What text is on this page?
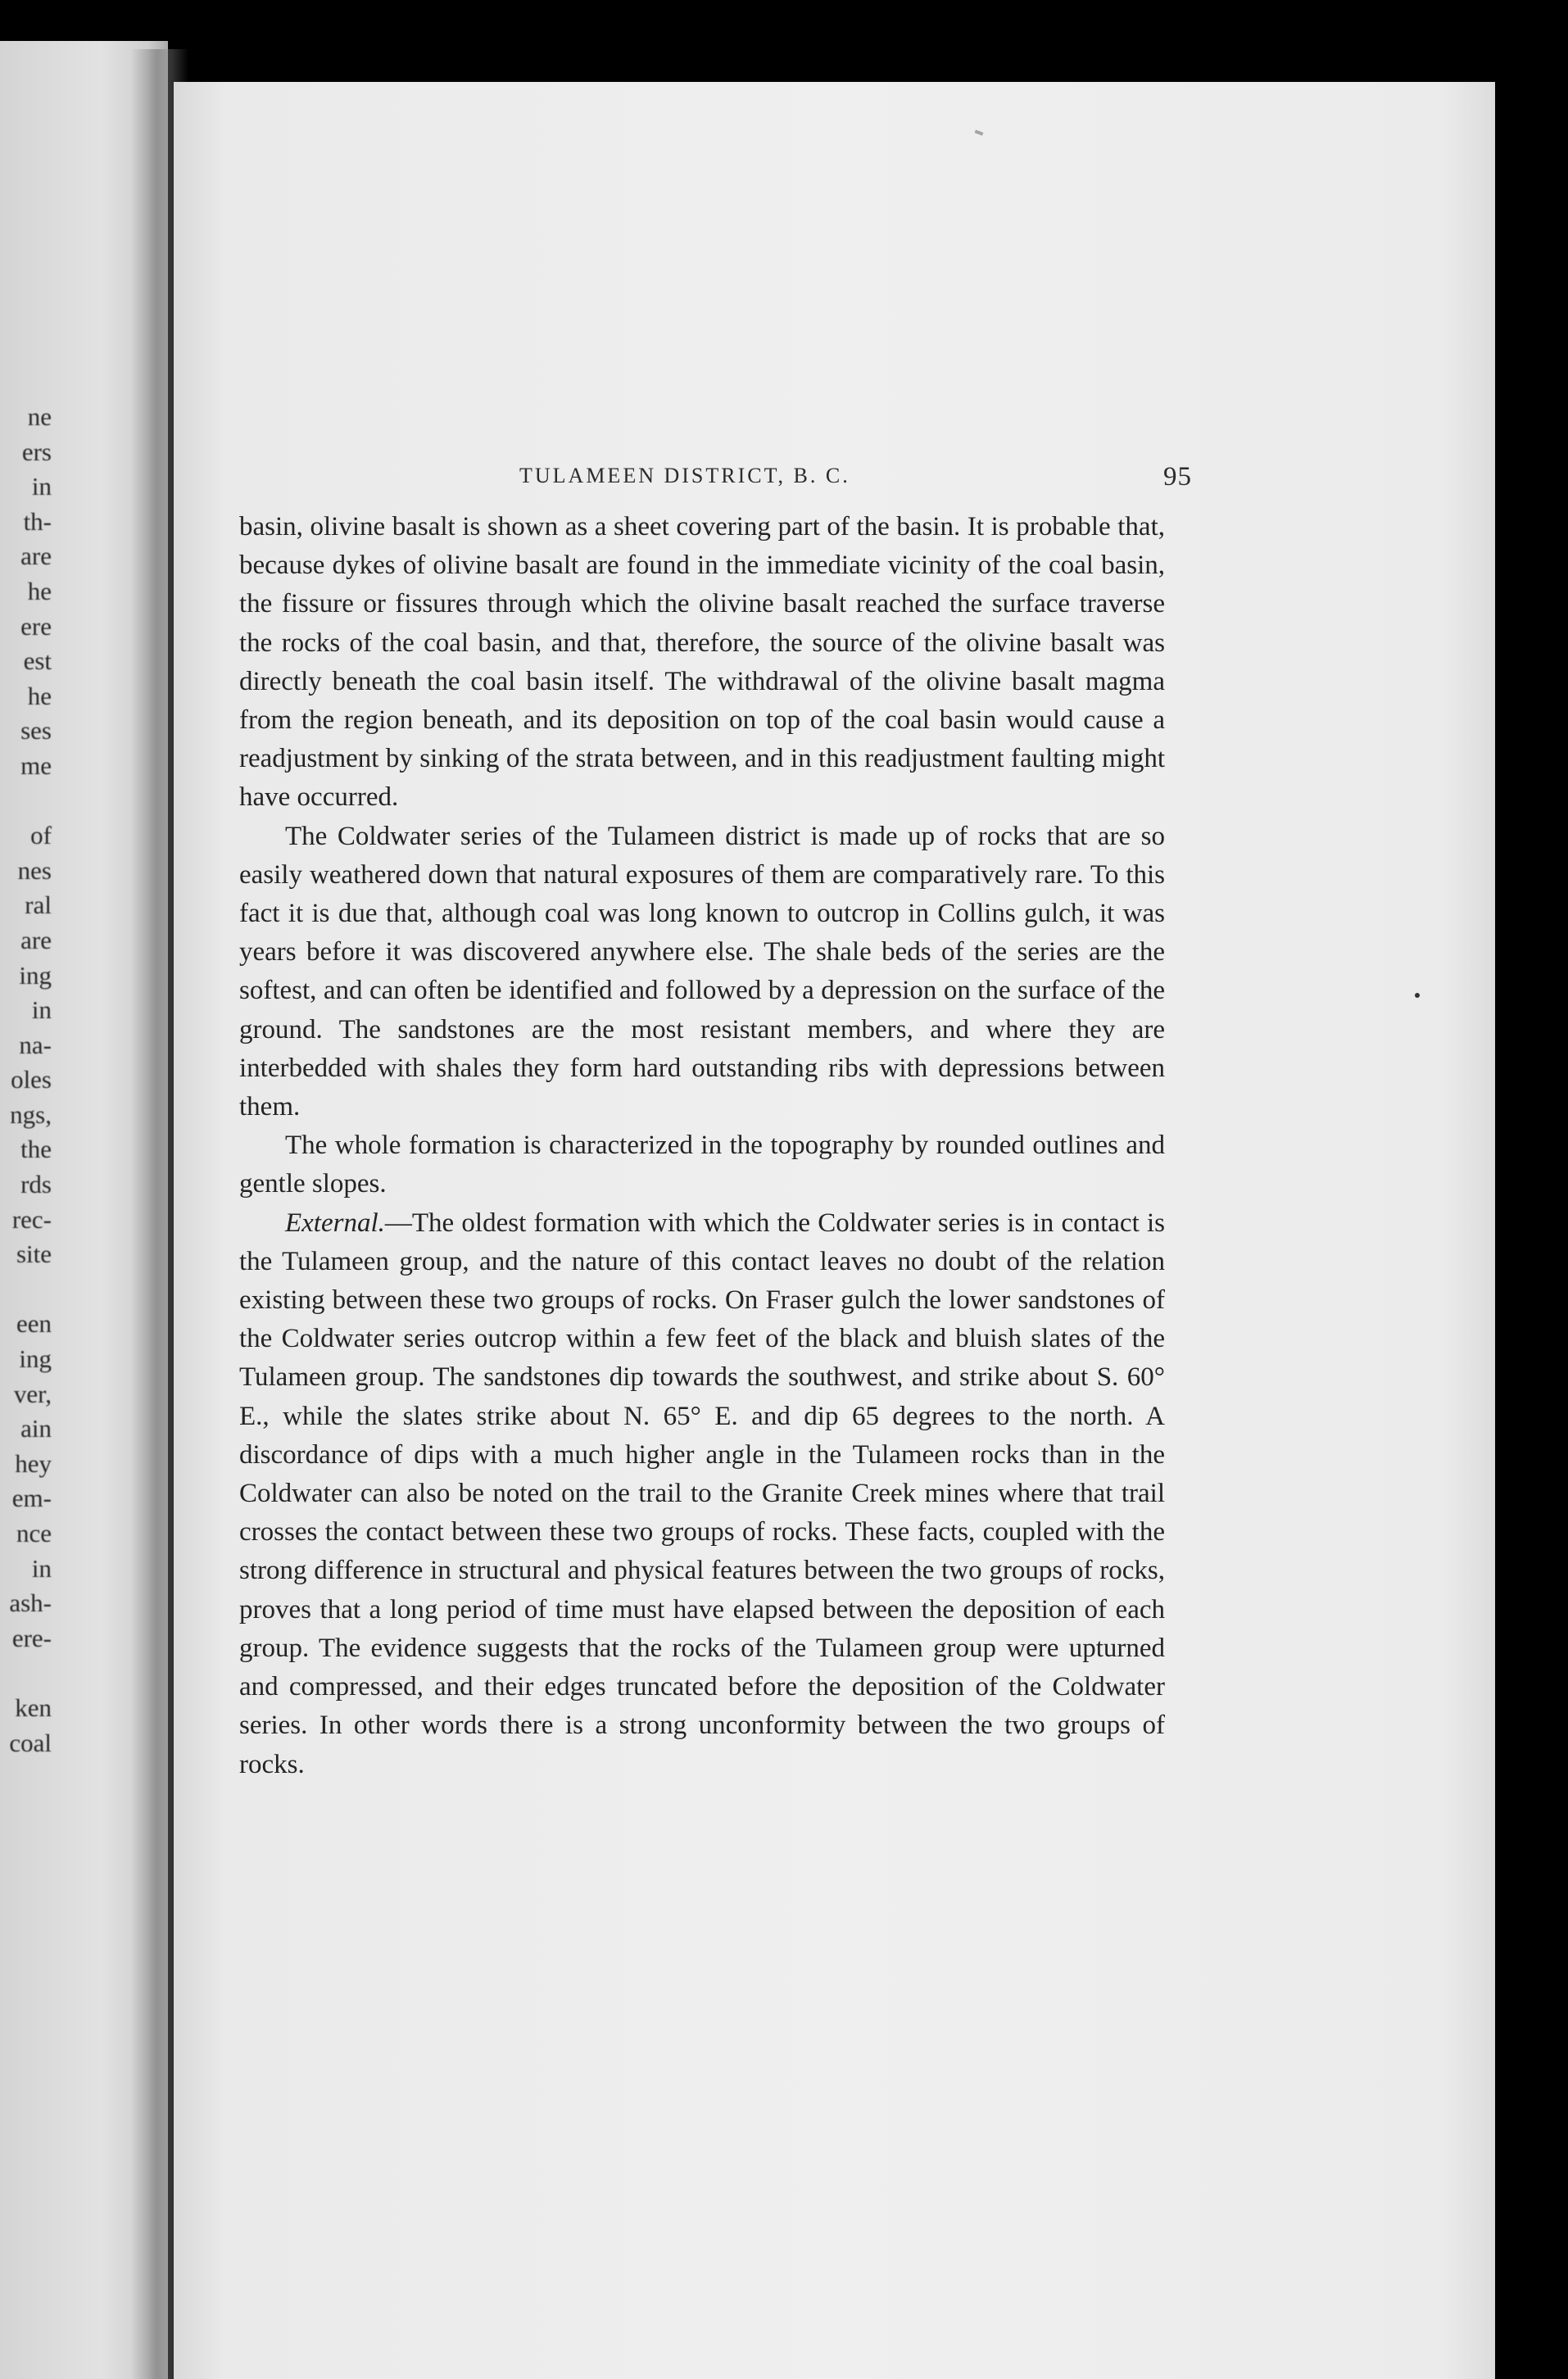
ne
ers
in
th-
are
he
ere
est
he
ses
me
of
nes
ral
are
ing
in
na-
oles
ngs,
the
rds
rec-
site
een
ing
ver,
ain
hey
em-
nce
in
ash-
ere-
ken
coal
TULAMEEN DISTRICT, B. C.	95

basin, olivine basalt is shown as a sheet covering part of the basin. It is probable that, because dykes of olivine basalt are found in the immediate vicinity of the coal basin, the fissure or fissures through which the olivine basalt reached the surface traverse the rocks of the coal basin, and that, therefore, the source of the olivine basalt was directly beneath the coal basin itself. The withdrawal of the olivine basalt magma from the region beneath, and its deposition on top of the coal basin would cause a readjustment by sinking of the strata between, and in this readjustment faulting might have occurred.

The Coldwater series of the Tulameen district is made up of rocks that are so easily weathered down that natural exposures of them are comparatively rare. To this fact it is due that, although coal was long known to outcrop in Collins gulch, it was years before it was discovered anywhere else. The shale beds of the series are the softest, and can often be identified and followed by a depression on the surface of the ground. The sandstones are the most resistant members, and where they are interbedded with shales they form hard outstanding ribs with depressions between them.

The whole formation is characterized in the topography by rounded outlines and gentle slopes.

External.—The oldest formation with which the Coldwater series is in contact is the Tulameen group, and the nature of this contact leaves no doubt of the relation existing between these two groups of rocks. On Fraser gulch the lower sandstones of the Coldwater series outcrop within a few feet of the black and bluish slates of the Tulameen group. The sandstones dip towards the southwest, and strike about S. 60° E., while the slates strike about N. 65° E. and dip 65 degrees to the north. A discordance of dips with a much higher angle in the Tulameen rocks than in the Coldwater can also be noted on the trail to the Granite Creek mines where that trail crosses the contact between these two groups of rocks. These facts, coupled with the strong difference in structural and physical features between the two groups of rocks, proves that a long period of time must have elapsed between the deposition of each group. The evidence suggests that the rocks of the Tulameen group were upturned and compressed, and their edges truncated before the deposition of the Coldwater series. In other words there is a strong unconformity between the two groups of rocks.
